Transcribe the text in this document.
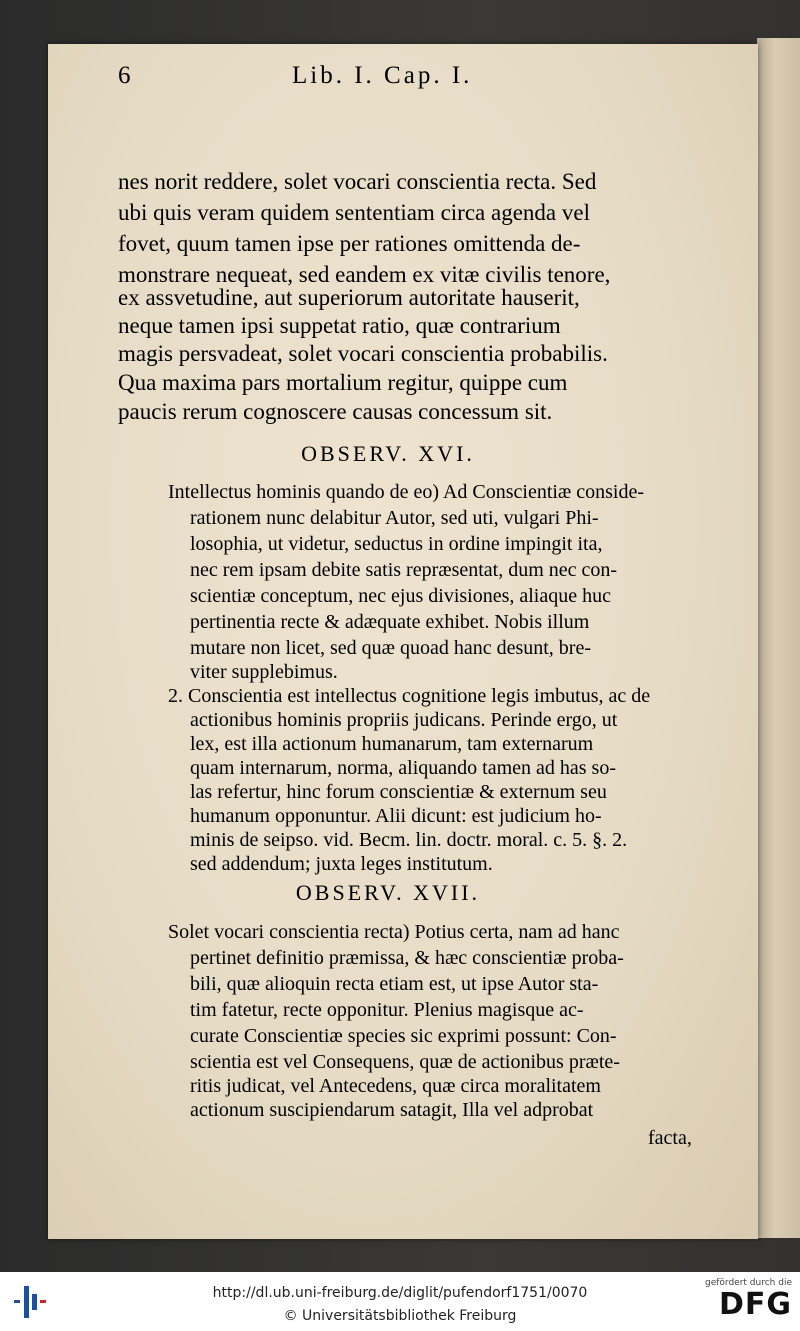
6	Lib. I. Cap. I.
nes norit reddere, solet vocari conscientia recta. Sed
ubi quis veram quidem sententiam circa agenda vel
fovet, quum tamen ipse per rationes omittenda de-
monstrare nequeat, sed eandem ex vitæ civilis tenore,
ex assvetudine, aut superiorum autoritate hauserit,
neque tamen ipsi suppetat ratio, quæ contrarium
magis persvadeat, solet vocari conscientia probabilis.
Qua maxima pars mortalium regitur, quippe cum
paucis rerum cognoscere causas concessum sit.
OBSERV. XVI.
Intellectus hominis quando de eo) Ad Conscientiæ conside-
rationem nunc delabitur Autor, sed uti, vulgari Phi-
losophia, ut videtur, seductus in ordine impingit ita,
nec rem ipsam debite satis repræsentat, dum nec con-
scientiæ conceptum, nec ejus divisiones, aliaque huc
pertinentia recte & adæquate exhibet. Nobis illum
mutare non licet, sed quæ quoad hanc desunt, bre-
viter supplebimus.
2. Conscientia est intellectus cognitione legis imbutus, ac de
actionibus hominis propriis judicans. Perinde ergo, ut
lex, est illa actionum humanarum, tam externarum
quam internarum, norma, aliquando tamen ad has so-
las refertur, hinc forum conscientiæ & externum seu
humanum opponuntur. Alii dicunt: est judicium ho-
minis de seipso. vid. Becm. lin. doctr. moral. c. 5. §. 2.
sed addendum; juxta leges institutum.
OBSERV. XVII.
Solet vocari conscientia recta) Potius certa, nam ad hanc
pertinet definitio præmissa, & hæc conscientiæ proba-
bili, quæ alioquin recta etiam est, ut ipse Autor sta-
tim fatetur, recte opponitur. Plenius magisque ac-
curate Conscientiæ species sic exprimi possunt: Con-
scientia est vel Consequens, quæ de actionibus præte-
ritis judicat, vel Antecedens, quæ circa moralitatem
actionum suscipiendarum satagit, Illa vel adprobat
facta,
http://dl.ub.uni-freiburg.de/diglit/pufendorf1751/0070
© Universitätsbibliothek Freiburg
gefördert durch die
DFG
